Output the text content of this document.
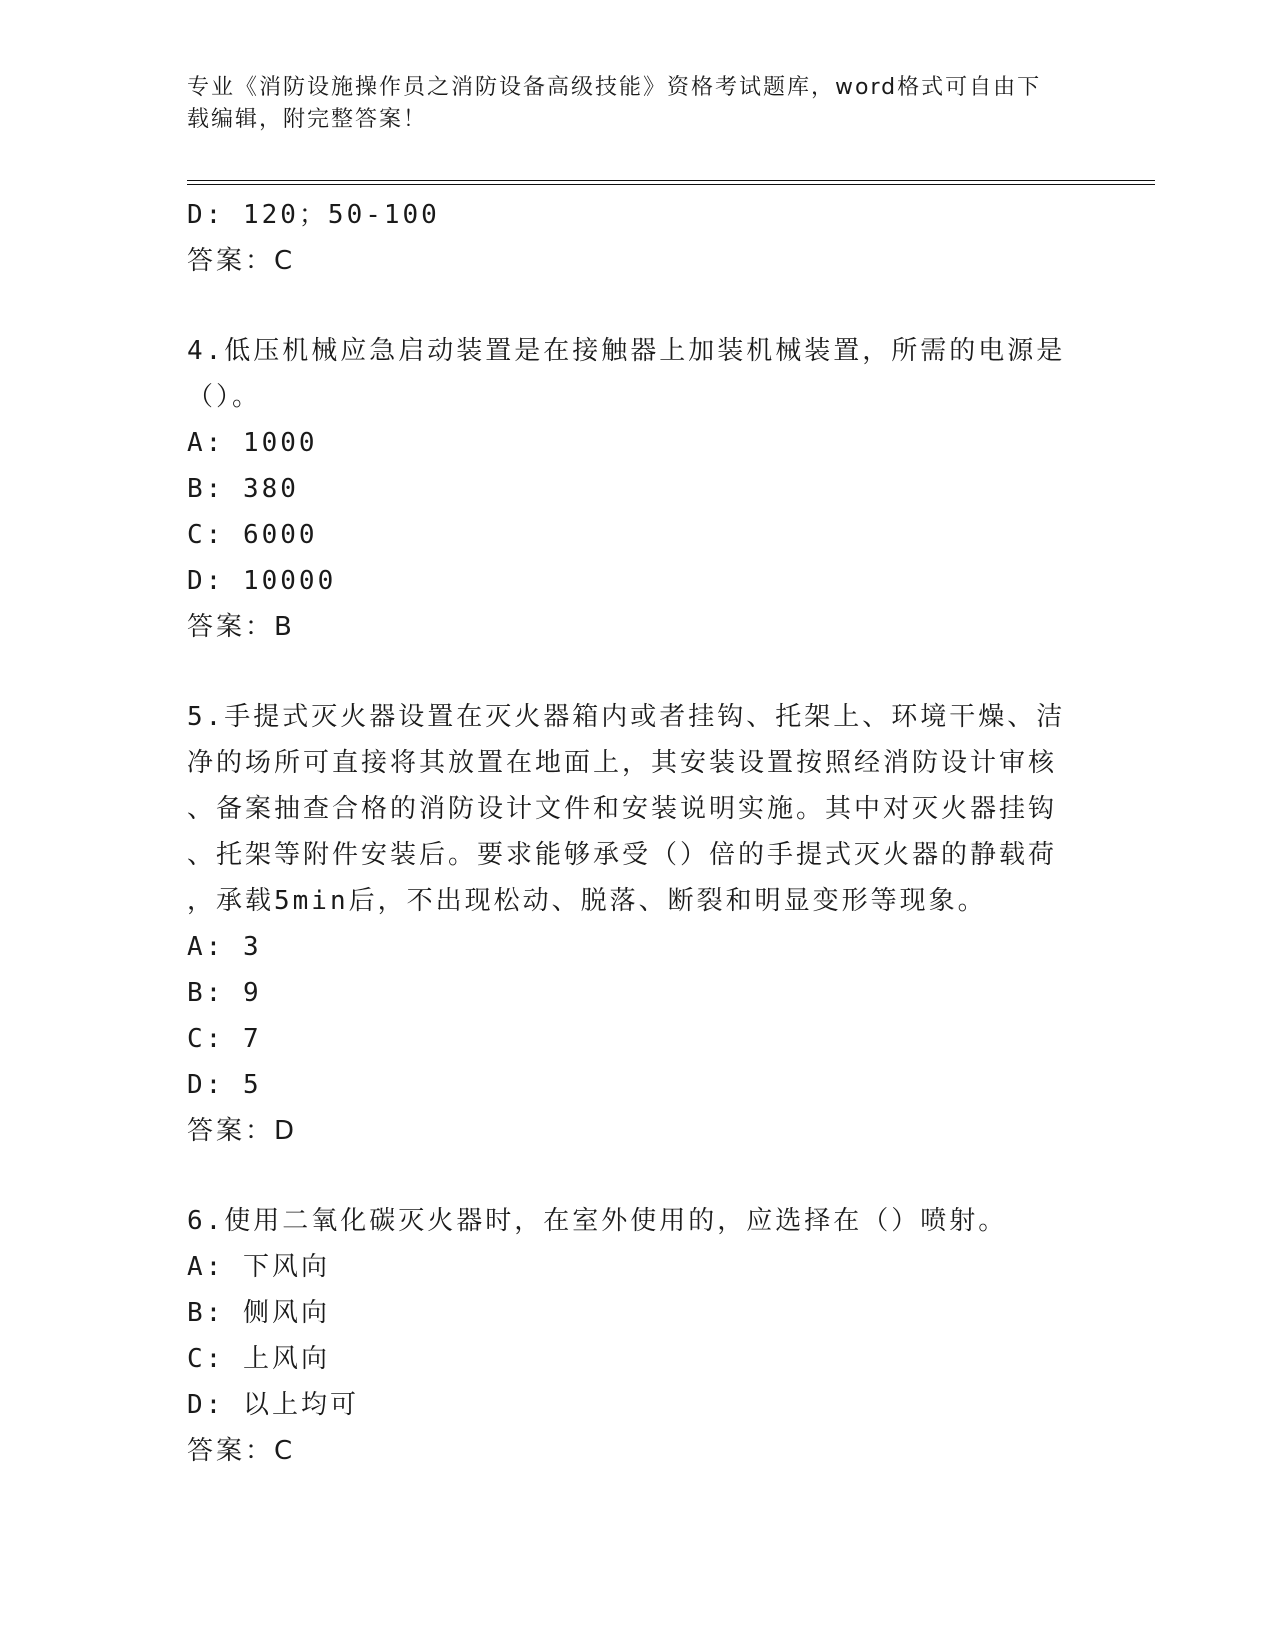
专业《消防设施操作员之消防设备高级技能》资格考试题库，word格式可自由下
载编辑，附完整答案！
D: 120；50-100
答案：C
4.低压机械应急启动装置是在接触器上加装机械装置，所需的电源是
（）。
A: 1000
B: 380
C: 6000
D: 10000
答案：B
5.手提式灭火器设置在灭火器箱内或者挂钩、托架上、环境干燥、洁
净的场所可直接将其放置在地面上，其安装设置按照经消防设计审核
、备案抽查合格的消防设计文件和安装说明实施。其中对灭火器挂钩
、托架等附件安装后。要求能够承受（）倍的手提式灭火器的静载荷
，承载5min后，不出现松动、脱落、断裂和明显变形等现象。
A: 3
B: 9
C: 7
D: 5
答案：D
6.使用二氧化碳灭火器时，在室外使用的，应选择在（）喷射。
A: 下风向
B: 侧风向
C: 上风向
D: 以上均可
答案：C
